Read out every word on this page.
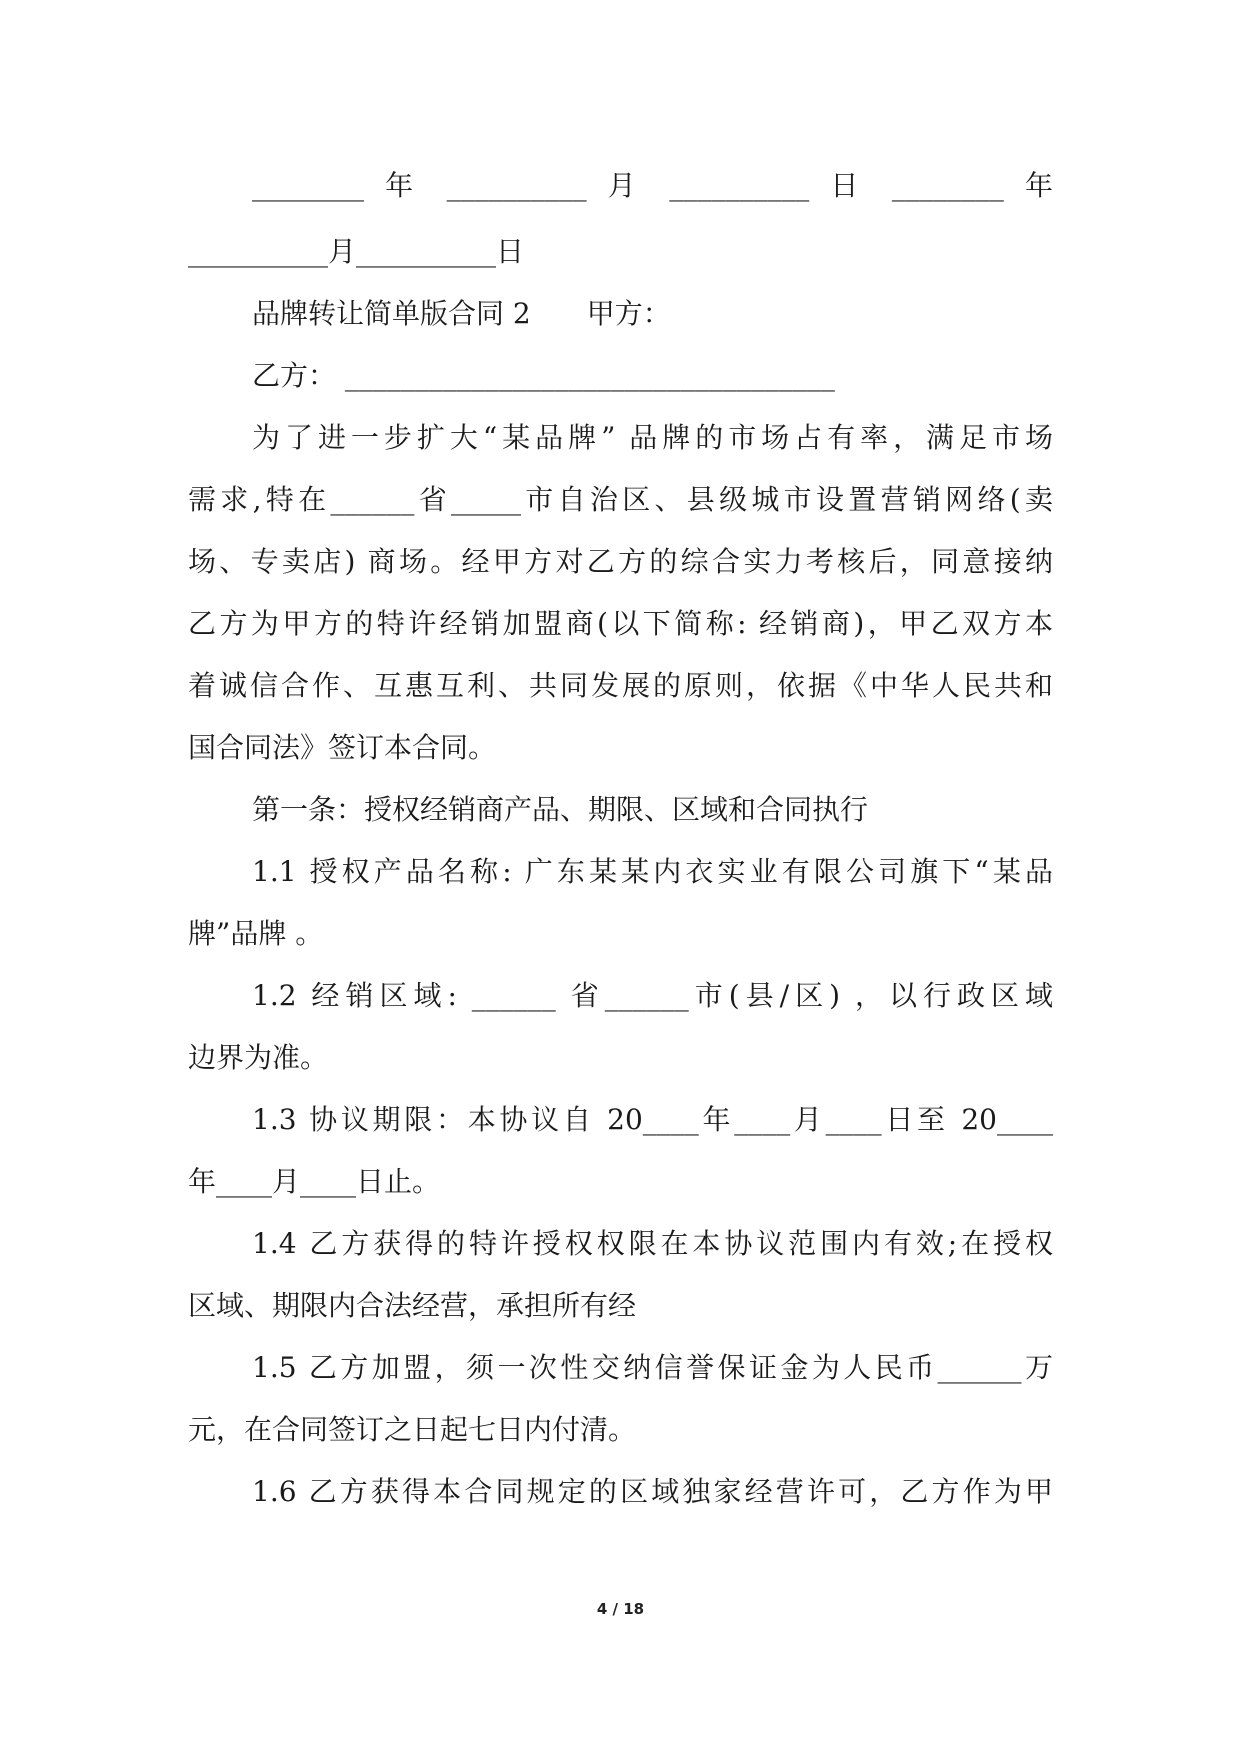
________ 年 __________ 月 __________ 日 ________ 年
__________月__________日
品牌转让简单版合同 2　　甲方：
乙方： ___________________________________
为了进一步扩大“某品牌” 品牌的市场占有率，满足市场
需求,特在______省_____市自治区、县级城市设置营销网络(卖
场、专卖店) 商场。经甲方对乙方的综合实力考核后，同意接纳
乙方为甲方的特许经销加盟商(以下简称: 经销商)，甲乙双方本
着诚信合作、互惠互利、共同发展的原则，依据《中华人民共和
国合同法》签订本合同。
第一条：授权经销商产品、期限、区域和合同执行
1.1 授权产品名称: 广东某某内衣实业有限公司旗下“某品
牌”品牌 。
1.2 经销区域: ______ 省______市(县/区) ，以行政区域
边界为准。
1.3 协议期限：本协议自 20____年____月____日至 20____
年____月____日止。
1.4 乙方获得的特许授权权限在本协议范围内有效;在授权
区域、期限内合法经营，承担所有经
1.5 乙方加盟，须一次性交纳信誉保证金为人民币______万
元，在合同签订之日起七日内付清。
1.6 乙方获得本合同规定的区域独家经营许可，乙方作为甲
4 / 18
